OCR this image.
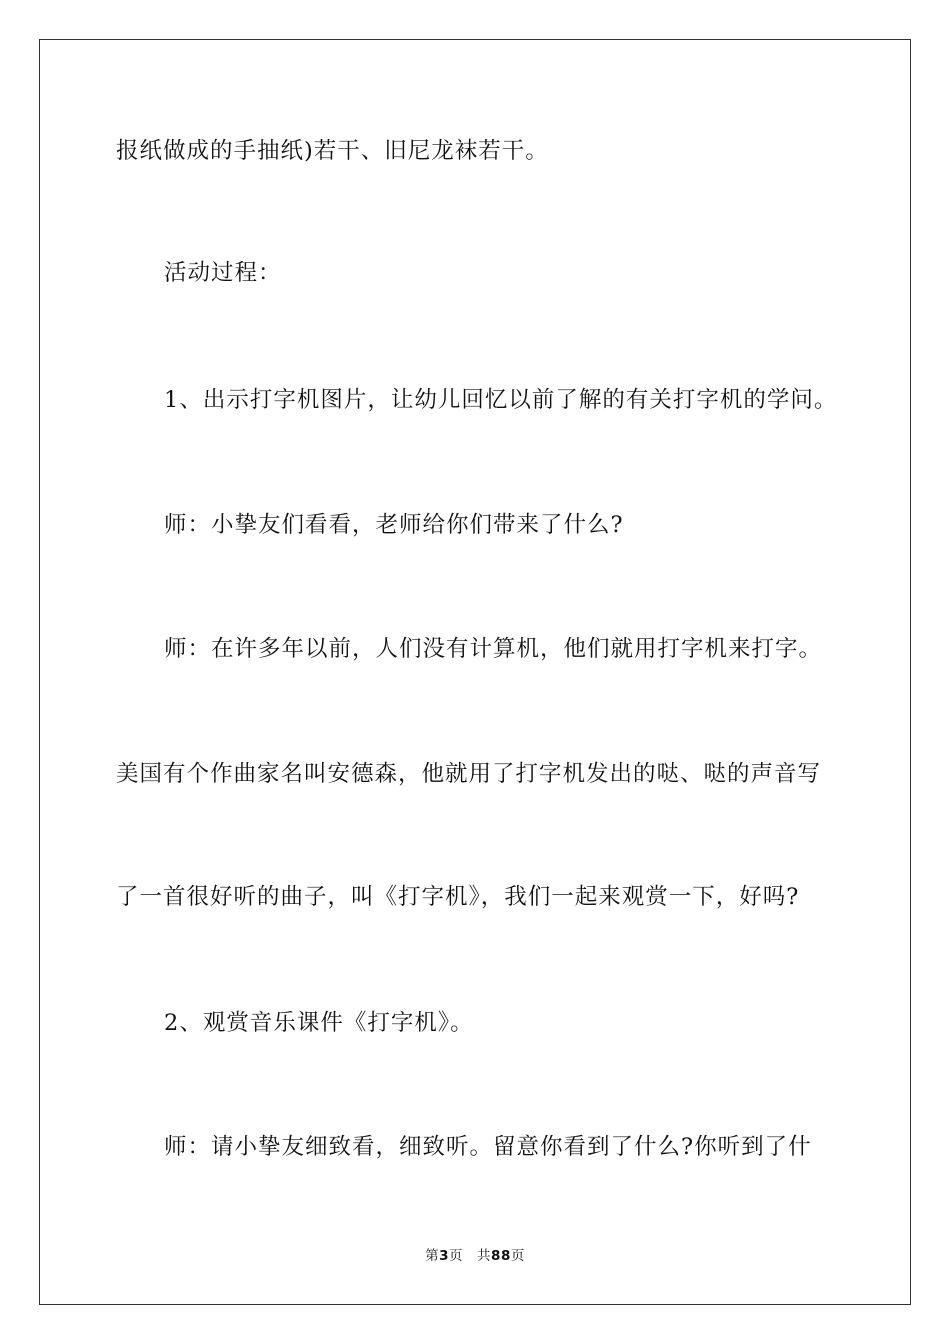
报纸做成的手抽纸)若干、旧尼龙袜若干。
活动过程：
1、出示打字机图片，让幼儿回忆以前了解的有关打字机的学问。
师：小挚友们看看，老师给你们带来了什么?
师：在许多年以前，人们没有计算机，他们就用打字机来打字。
美国有个作曲家名叫安德森，他就用了打字机发出的哒、哒的声音写
了一首很好听的曲子，叫《打字机》，我们一起来观赏一下，好吗?
2、观赏音乐课件《打字机》。
师：请小挚友细致看，细致听。留意你看到了什么?你听到了什
第3页 共88页
